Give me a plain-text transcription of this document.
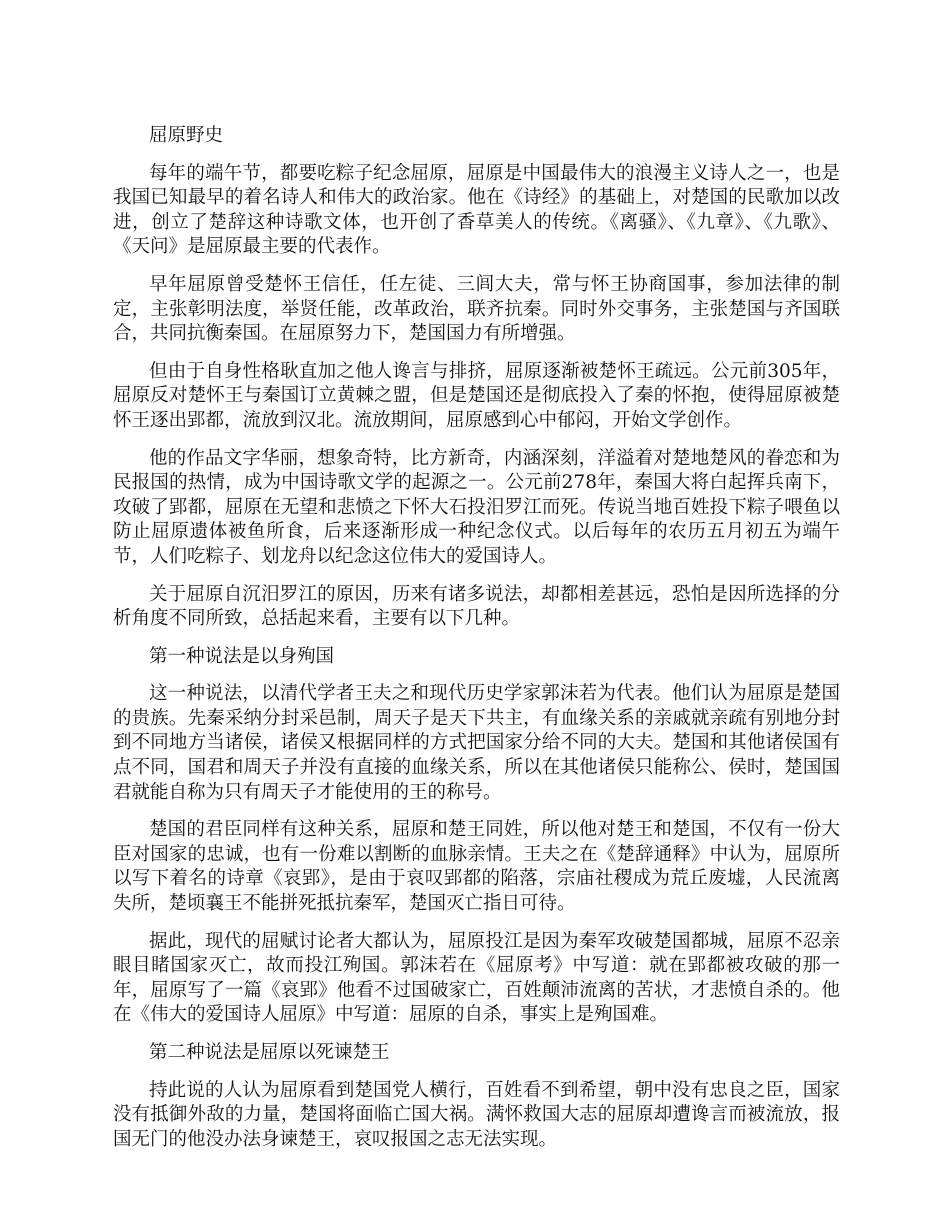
屈原野史

每年的端午节，都要吃粽子纪念屈原，屈原是中国最伟大的浪漫主义诗人之一，也是我国已知最早的着名诗人和伟大的政治家。他在《诗经》的基础上，对楚国的民歌加以改进，创立了楚辞这种诗歌文体，也开创了香草美人的传统。《离骚》、《九章》、《九歌》、《天问》是屈原最主要的代表作。

早年屈原曾受楚怀王信任，任左徒、三闾大夫，常与怀王协商国事，参加法律的制定，主张彰明法度，举贤任能，改革政治，联齐抗秦。同时外交事务，主张楚国与齐国联合，共同抗衡秦国。在屈原努力下，楚国国力有所增强。

但由于自身性格耿直加之他人谗言与排挤，屈原逐渐被楚怀王疏远。公元前305年，屈原反对楚怀王与秦国订立黄棘之盟，但是楚国还是彻底投入了秦的怀抱，使得屈原被楚怀王逐出郢都，流放到汉北。流放期间，屈原感到心中郁闷，开始文学创作。

他的作品文字华丽，想象奇特，比方新奇，内涵深刻，洋溢着对楚地楚风的眷恋和为民报国的热情，成为中国诗歌文学的起源之一。公元前278年，秦国大将白起挥兵南下，攻破了郢都，屈原在无望和悲愤之下怀大石投汨罗江而死。传说当地百姓投下粽子喂鱼以防止屈原遗体被鱼所食，后来逐渐形成一种纪念仪式。以后每年的农历五月初五为端午节，人们吃粽子、划龙舟以纪念这位伟大的爱国诗人。

关于屈原自沉汨罗江的原因，历来有诸多说法，却都相差甚远，恐怕是因所选择的分析角度不同所致，总括起来看，主要有以下几种。

第一种说法是以身殉国

这一种说法，以清代学者王夫之和现代历史学家郭沫若为代表。他们认为屈原是楚国的贵族。先秦采纳分封采邑制，周天子是天下共主，有血缘关系的亲戚就亲疏有别地分封到不同地方当诸侯，诸侯又根据同样的方式把国家分给不同的大夫。楚国和其他诸侯国有点不同，国君和周天子并没有直接的血缘关系，所以在其他诸侯只能称公、侯时，楚国国君就能自称为只有周天子才能使用的王的称号。

楚国的君臣同样有这种关系，屈原和楚王同姓，所以他对楚王和楚国，不仅有一份大臣对国家的忠诚，也有一份难以割断的血脉亲情。王夫之在《楚辞通释》中认为，屈原所以写下着名的诗章《哀郢》，是由于哀叹郢都的陷落，宗庙社稷成为荒丘废墟，人民流离失所，楚顷襄王不能拼死抵抗秦军，楚国灭亡指日可待。

据此，现代的屈赋讨论者大都认为，屈原投江是因为秦军攻破楚国都城，屈原不忍亲眼目睹国家灭亡，故而投江殉国。郭沫若在《屈原考》中写道：就在郢都被攻破的那一年，屈原写了一篇《哀郢》他看不过国破家亡，百姓颠沛流离的苦状，才悲愤自杀的。他在《伟大的爱国诗人屈原》中写道：屈原的自杀，事实上是殉国难。

第二种说法是屈原以死谏楚王

持此说的人认为屈原看到楚国党人横行，百姓看不到希望，朝中没有忠良之臣，国家没有抵御外敌的力量，楚国将面临亡国大祸。满怀救国大志的屈原却遭谗言而被流放，报国无门的他没办法身谏楚王，哀叹报国之志无法实现。
